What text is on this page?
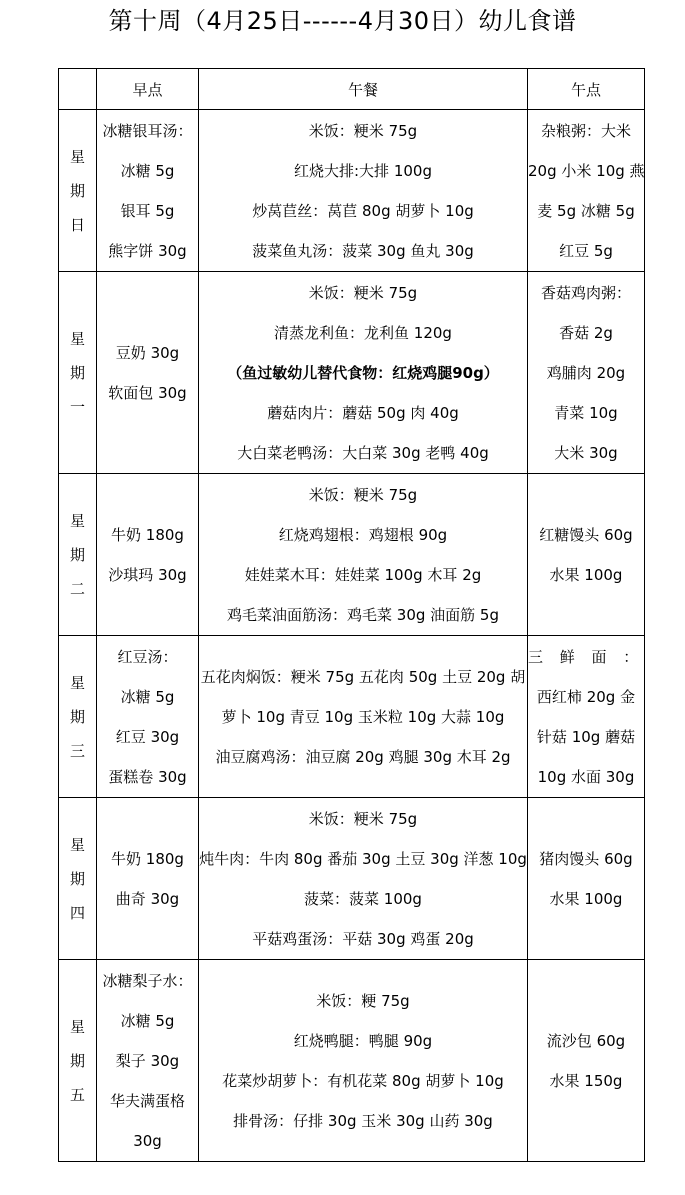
第十周（4月25日------4月30日）幼儿食谱
	早点	午餐	午点

星
期
日	冰糖银耳汤：
冰糖 5g
银耳 5g
熊字饼 30g	米饭：粳米 75g
红烧大排:大排 100g
炒莴苣丝：莴苣 80g 胡萝卜 10g
菠菜鱼丸汤：菠菜 30g 鱼丸 30g	杂粮粥：大米
20g 小米 10g 燕
麦 5g 冰糖 5g
红豆 5g

星
期
一	豆奶 30g
软面包 30g	米饭：粳米 75g
清蒸龙利鱼：龙利鱼 120g
（鱼过敏幼儿替代食物：红烧鸡腿90g）
蘑菇肉片：蘑菇 50g 肉 40g
大白菜老鸭汤：大白菜 30g 老鸭 40g	香菇鸡肉粥：
香菇 2g
鸡脯肉 20g
青菜 10g
大米 30g

星
期
二	牛奶 180g
沙琪玛 30g	米饭：粳米 75g
红烧鸡翅根：鸡翅根 90g
娃娃菜木耳：娃娃菜 100g 木耳 2g
鸡毛菜油面筋汤：鸡毛菜 30g 油面筋 5g	红糖馒头 60g
水果 100g

星
期
三	红豆汤：
冰糖 5g
红豆 30g
蛋糕卷 30g	五花肉焖饭：粳米 75g 五花肉 50g 土豆 20g 胡
萝卜 10g 青豆 10g 玉米粒 10g 大蒜 10g
油豆腐鸡汤：油豆腐 20g 鸡腿 30g 木耳 2g	三 鲜 面 ：
西红柿 20g 金
针菇 10g 蘑菇
10g 水面 30g

星
期
四	牛奶 180g
曲奇 30g	米饭：粳米 75g
炖牛肉：牛肉 80g 番茄 30g 土豆 30g 洋葱 10g
菠菜：菠菜 100g
平菇鸡蛋汤：平菇 30g 鸡蛋 20g	猪肉馒头 60g
水果 100g

星
期
五	冰糖梨子水：
冰糖 5g
梨子 30g
华夫满蛋格
30g	米饭：粳 75g
红烧鸭腿：鸭腿 90g
花菜炒胡萝卜：有机花菜 80g 胡萝卜 10g
排骨汤：仔排 30g 玉米 30g 山药 30g	流沙包 60g
水果 150g
